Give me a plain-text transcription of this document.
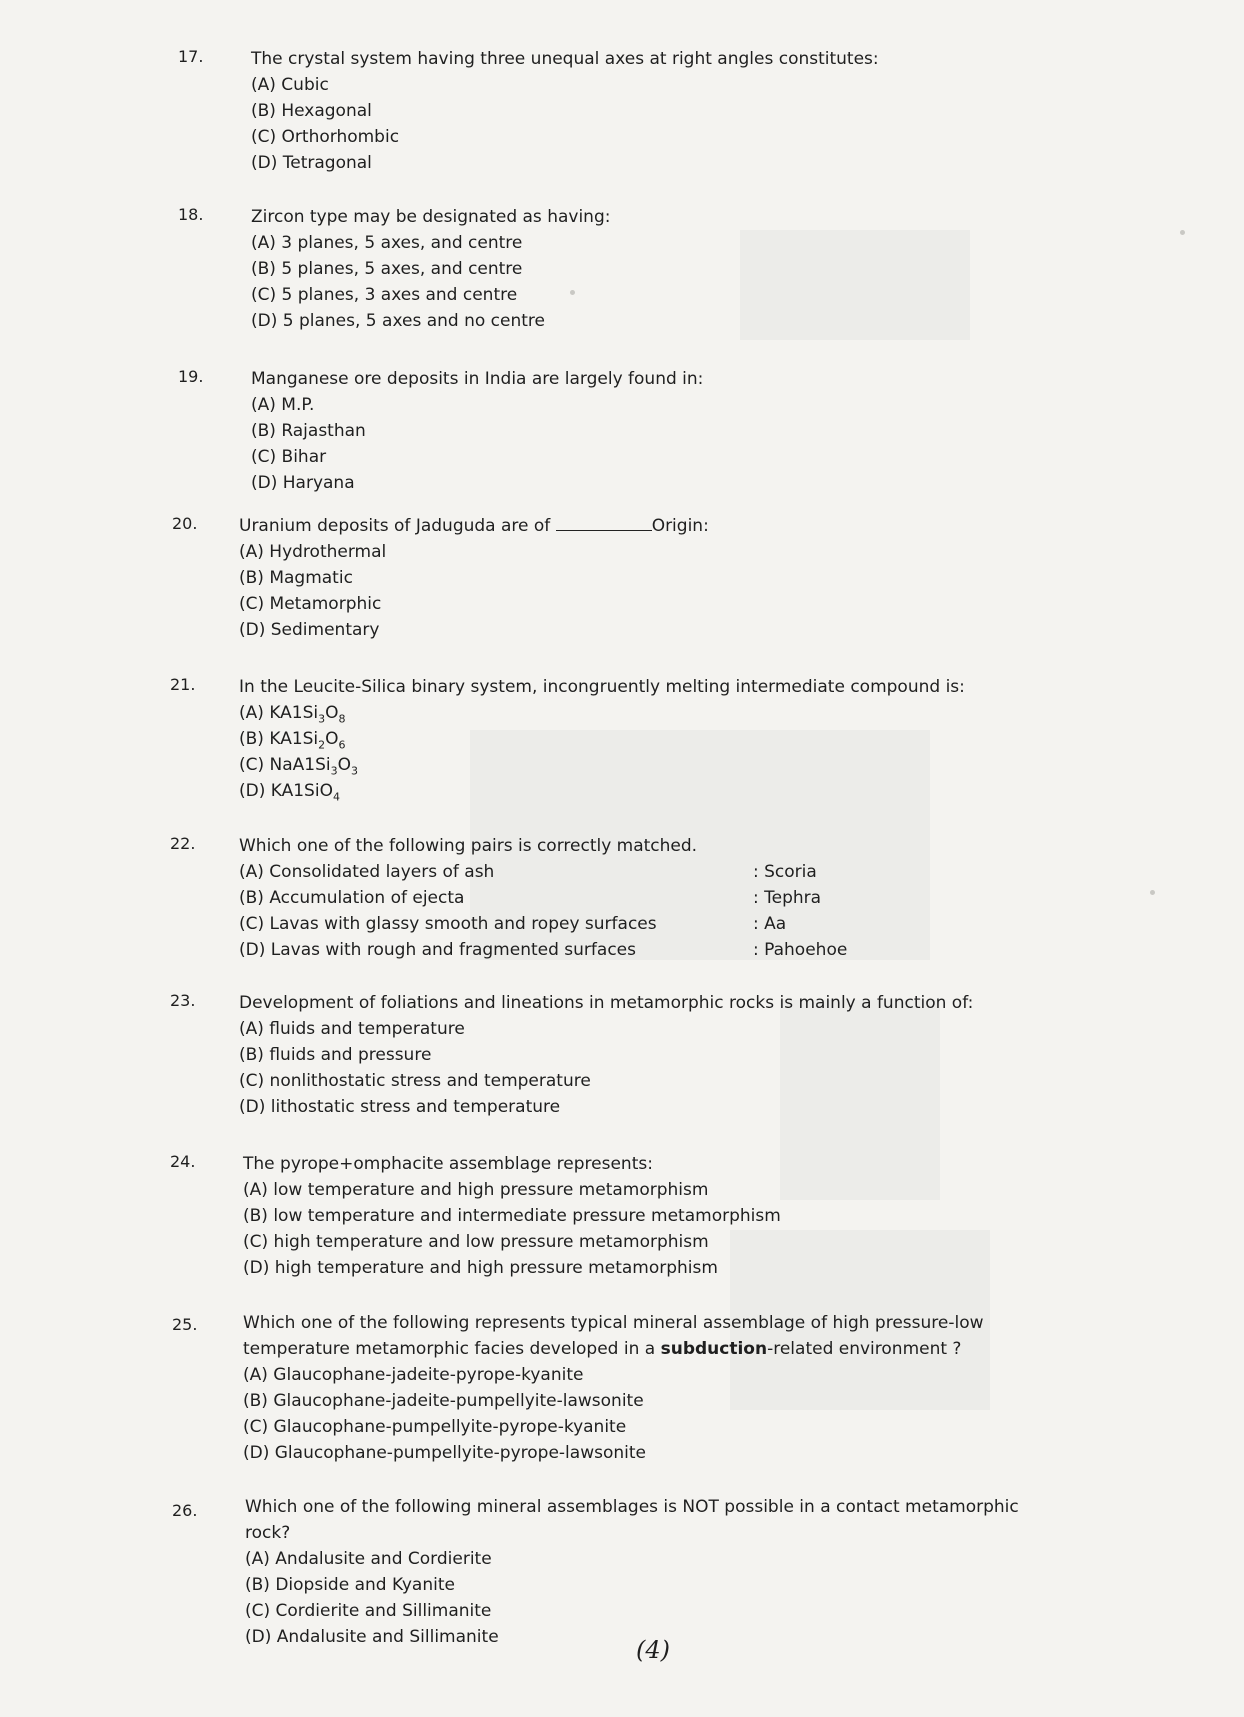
17.	The crystal system having three unequal axes at right angles constitutes:
(A) Cubic
(B) Hexagonal
(C) Orthorhombic
(D) Tetragonal
18.	Zircon type may be designated as having:
(A) 3 planes, 5 axes, and centre
(B) 5 planes, 5 axes, and centre
(C) 5 planes, 3 axes and centre
(D) 5 planes, 5 axes and no centre
19.	Manganese ore deposits in India are largely found in:
(A) M.P.
(B) Rajasthan
(C) Bihar
(D) Haryana
20. Uranium deposits of Jaduguda are of	Origin:
(A) Hydrothermal
(B) Magmatic
(C) Metamorphic
(D) Sedimentary
21.	In the Leucite-Silica binary system, incongruently melting intermediate compound is:
(A) $KA1Si_3O_8$
(B) $KA1Si_2O_6$
(C) $NaA1Si_3O_3$
(D) KA1SiO$_4$
22.	Which one of the following pairs is correctly matched.
(A) Consolidated layers of ash	: Scoria
(B) Accumulation of ejecta	: Tephra
(C) Lavas with glassy smooth and ropey surfaces	: Aa
(D) Lavas with rough and fragmented surfaces	: Pahoehoe
23.	Development of foliations and lineations in metamorphic rocks is mainly a function of:
(A) fluids and temperature
(B) fluids and pressure
(C) nonlithostatic stress and temperature
(D) lithostatic stress and temperature
24.	The pyrope+omphacite assemblage represents:
(A) low temperature and high pressure metamorphism
(B) low temperature and intermediate pressure metamorphism
(C) high temperature and low pressure metamorphism
(D) high temperature and high pressure metamorphism
25.	Which one of the following represents typical mineral assemblage of high pressure-low
temperature metamorphic facies developed in a subduction-related environment ?
(A) Glaucophane-jadeite-pyrope-kyanite
(B) Glaucophane-jadeite-pumpellyite-lawsonite
(C) Glaucophane-pumpellyite-pyrope-kyanite
(D) Glaucophane-pumpellyite-pyrope-lawsonite
26.	Which one of the following mineral assemblages is NOT possible in a contact metamorphic
rock?
(A) Andalusite and Cordierite
(B) Diopside and Kyanite
(C) Cordierite and Sillimanite
(D) Andalusite and Sillimanite	(4)
